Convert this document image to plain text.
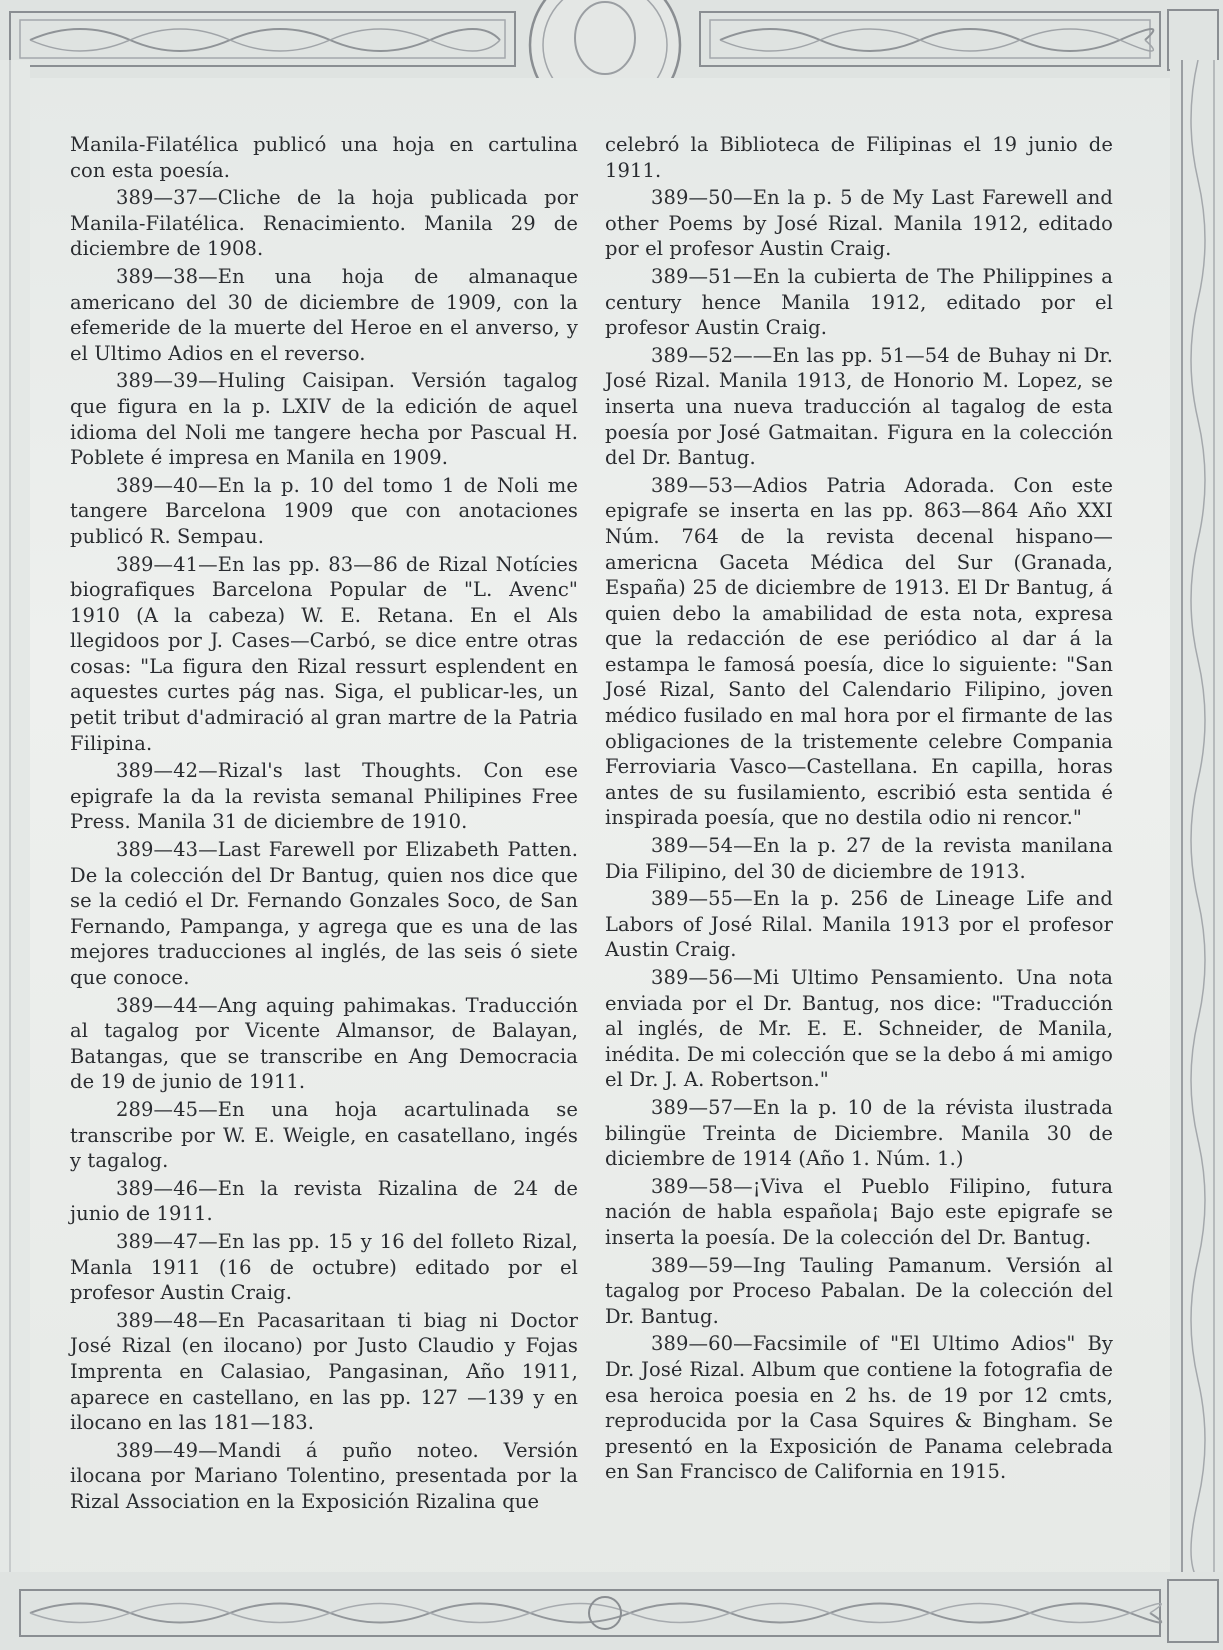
Manila-Filatélica publicó una hoja en cartulina con esta poesía.

389—37—Cliche de la hoja publicada por Manila-Filatélica. Renacimiento. Manila 29 de diciembre de 1908.

389—38—En una hoja de almanaque americano del 30 de diciembre de 1909, con la efemeride de la muerte del Heroe en el anverso, y el Ultimo Adios en el reverso.

389—39—Huling Caisipan. Versión tagalog que figura en la p. LXIV de la edición de aquel idioma del Noli me tangere hecha por Pascual H. Poblete é impresa en Manila en 1909.

389—40—En la p. 10 del tomo 1 de Noli me tangere Barcelona 1909 que con anotaciones publicó R. Sempau.

389—41—En las pp. 83—86 de Rizal Notícies biografiques Barcelona Popular de "L. Avenc" 1910 (A la cabeza) W. E. Retana. En el Als llegidoos por J. Cases—Carbó, se dice entre otras cosas: "La figura den Rizal ressurt esplendent en aquestes curtes pág nas. Siga, el publicar-les, un petit tribut d'admiració al gran martre de la Patria Filipina.

389—42—Rizal's last Thoughts. Con ese epigrafe la da la revista semanal Philipines Free Press. Manila 31 de diciembre de 1910.

389—43—Last Farewell por Elizabeth Patten. De la colección del Dr Bantug, quien nos dice que se la cedió el Dr. Fernando Gonzales Soco, de San Fernando, Pampanga, y agrega que es una de las mejores traducciones al inglés, de las seis ó siete que conoce.

389—44—Ang aquing pahimakas. Traducción al tagalog por Vicente Almansor, de Balayan, Batangas, que se transcribe en Ang Democracia de 19 de junio de 1911.

289—45—En una hoja acartulinada se transcribe por W. E. Weigle, en casatellano, ingés y tagalog.

389—46—En la revista Rizalina de 24 de junio de 1911.

389—47—En las pp. 15 y 16 del folleto Rizal, Manla 1911 (16 de octubre) editado por el profesor Austin Craig.

389—48—En Pacasaritaan ti biag ni Doctor José Rizal (en ilocano) por Justo Claudio y Fojas Imprenta en Calasiao, Pangasinan, Año 1911, aparece en castellano, en las pp. 127 —139 y en ilocano en las 181—183.

389—49—Mandi á puño noteo. Versión ilocana por Mariano Tolentino, presentada por la Rizal Association en la Exposición Rizalina que

celebró la Biblioteca de Filipinas el 19 junio de 1911.

389—50—En la p. 5 de My Last Farewell and other Poems by José Rizal. Manila 1912, editado por el profesor Austin Craig.

389—51—En la cubierta de The Philippines a century hence Manila 1912, editado por el profesor Austin Craig.

389—52——En las pp. 51—54 de Buhay ni Dr. José Rizal. Manila 1913, de Honorio M. Lopez, se inserta una nueva traducción al tagalog de esta poesía por José Gatmaitan. Figura en la colección del Dr. Bantug.

389—53—Adios Patria Adorada. Con este epigrafe se inserta en las pp. 863—864 Año XXI Núm. 764 de la revista decenal hispano—americna Gaceta Médica del Sur (Granada, España) 25 de diciembre de 1913. El Dr Bantug, á quien debo la amabilidad de esta nota, expresa que la redacción de ese periódico al dar á la estampa le famosá poesía, dice lo siguiente: "San José Rizal, Santo del Calendario Filipino, joven médico fusilado en mal hora por el firmante de las obligaciones de la tristemente celebre Compania Ferroviaria Vasco—Castellana. En capilla, horas antes de su fusilamiento, escribió esta sentida é inspirada poesía, que no destila odio ni rencor."

389—54—En la p. 27 de la revista manilana Dia Filipino, del 30 de diciembre de 1913.

389—55—En la p. 256 de Lineage Life and Labors of José Rilal. Manila 1913 por el profesor Austin Craig.

389—56—Mi Ultimo Pensamiento. Una nota enviada por el Dr. Bantug, nos dice: "Traducción al inglés, de Mr. E. E. Schneider, de Manila, inédita. De mi colección que se la debo á mi amigo el Dr. J. A. Robertson."

389—57—En la p. 10 de la révista ilustrada bilingüe Treinta de Diciembre. Manila 30 de diciembre de 1914 (Año 1. Núm. 1.)

389—58—¡Viva el Pueblo Filipino, futura nación de habla española¡ Bajo este epigrafe se inserta la poesía. De la colección del Dr. Bantug.

389—59—Ing Tauling Pamanum. Versión al tagalog por Proceso Pabalan. De la colección del Dr. Bantug.

389—60—Facsimile of "El Ultimo Adios" By Dr. José Rizal. Album que contiene la fotografia de esa heroica poesia en 2 hs. de 19 por 12 cmts, reproducida por la Casa Squires & Bingham. Se presentó en la Exposición de Panama celebrada en San Francisco de California en 1915.
